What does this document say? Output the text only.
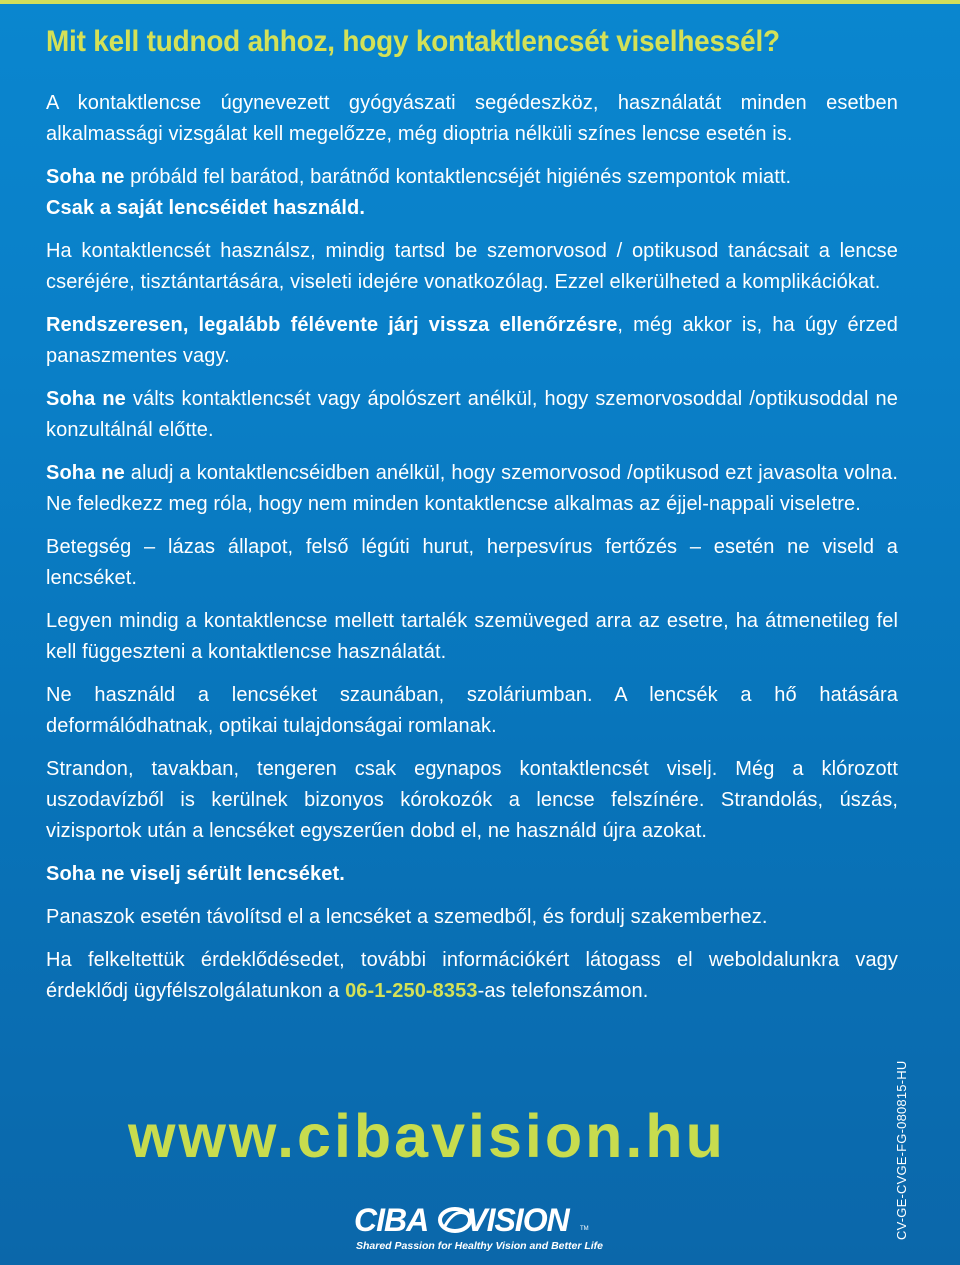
Mit kell tudnod ahhoz, hogy kontaktlencsét viselhessél?

A kontaktlencse úgynevezett gyógyászati segédeszköz, használatát minden esetben alkalmassági vizsgálat kell megelőzze, még dioptria nélküli színes lencse esetén is.

Soha ne próbáld fel barátod, barátnőd kontaktlencséjét higiénés szempontok miatt.
Csak a saját lencséidet használd.

Ha kontaktlencsét használsz, mindig tartsd be szemorvosod / optikusod tanácsait a lencse cseréjére, tisztántartására, viseleti idejére vonatkozólag. Ezzel elkerülheted a komplikációkat.

Rendszeresen, legalább félévente járj vissza ellenőrzésre, még akkor is, ha úgy érzed panaszmentes vagy.

Soha ne válts kontaktlencsét vagy ápolószert anélkül, hogy szemorvosoddal /optikusoddal ne konzultálnál előtte.

Soha ne aludj a kontaktlencséidben anélkül, hogy szemorvosod /optikusod ezt javasolta volna. Ne feledkezz meg róla, hogy nem minden kontaktlencse alkalmas az éjjel-nappali viseletre.

Betegség – lázas állapot, felső légúti hurut, herpesvírus fertőzés – esetén ne viseld a lencséket.

Legyen mindig a kontaktlencse mellett tartalék szemüveged arra az esetre, ha átmenetileg fel kell függeszteni a kontaktlencse használatát.

Ne használd a lencséket szaunában, szoláriumban. A lencsék a hő hatására deformálódhatnak, optikai tulajdonságai romlanak.

Strandon, tavakban, tengeren csak egynapos kontaktlencsét viselj. Még a klórozott uszodavízből is kerülnek bizonyos kórokozók a lencse felszínére. Strandolás, úszás, vizisportok után a lencséket egyszerűen dobd el, ne használd újra azokat.

Soha ne viselj sérült lencséket.

Panaszok esetén távolítsd el a lencséket a szemedből, és fordulj szakemberhez.

Ha felkeltettük érdeklődésedet, további információkért látogass el weboldalunkra vagy érdeklődj ügyfélszolgálatunkon a 06-1-250-8353-as telefonszámon.

www.cibavision.hu
CIBA VISION TM
Shared Passion for Healthy Vision and Better Life
CV-GE-CVGE-FG-080815-HU
